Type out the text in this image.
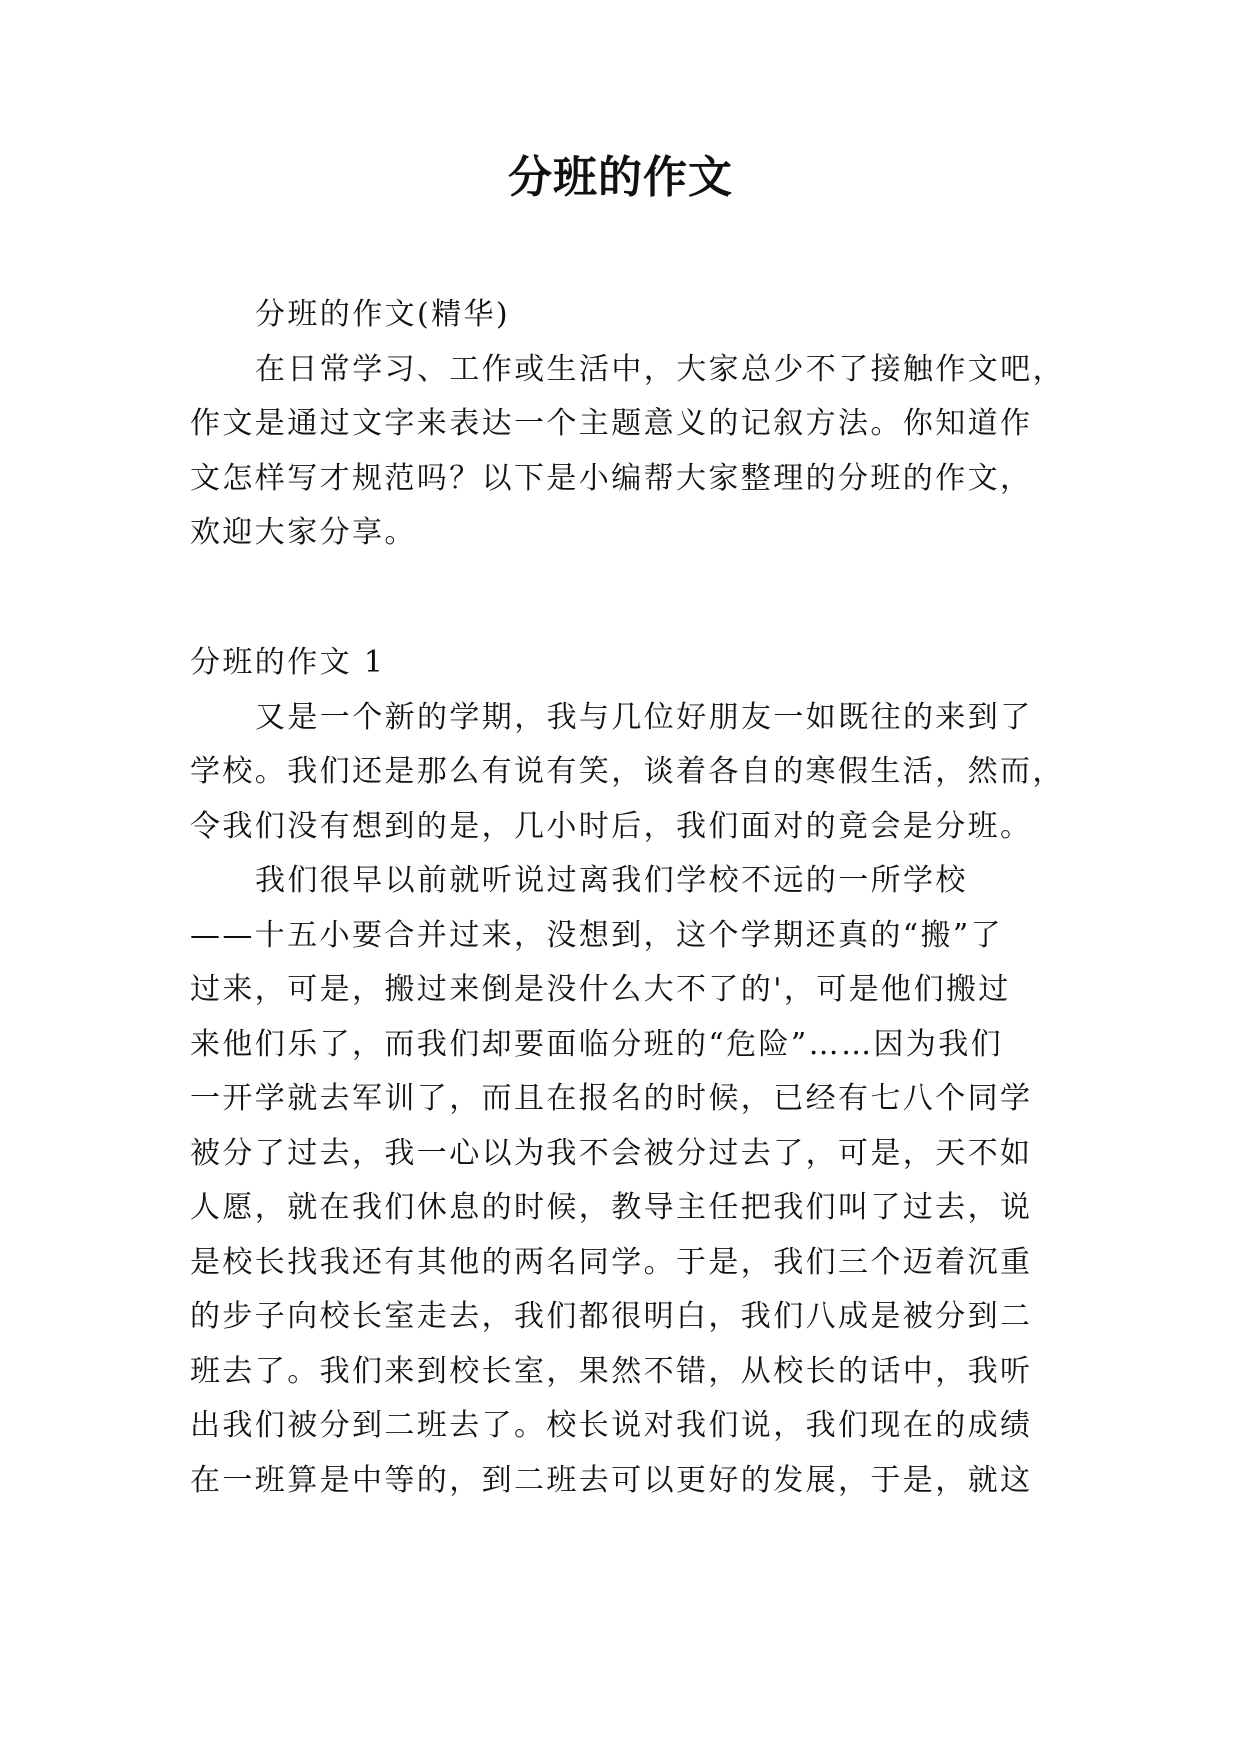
分班的作文
分班的作文(精华)
在日常学习、工作或生活中，大家总少不了接触作文吧，
作文是通过文字来表达一个主题意义的记叙方法。你知道作
文怎样写才规范吗？以下是小编帮大家整理的分班的作文，
欢迎大家分享。
分班的作文 1
又是一个新的学期，我与几位好朋友一如既往的来到了
学校。我们还是那么有说有笑，谈着各自的寒假生活，然而，
令我们没有想到的是，几小时后，我们面对的竟会是分班。
我们很早以前就听说过离我们学校不远的一所学校
——十五小要合并过来，没想到，这个学期还真的“搬”了
过来，可是，搬过来倒是没什么大不了的'，可是他们搬过
来他们乐了，而我们却要面临分班的“危险”……因为我们
一开学就去军训了，而且在报名的时候，已经有七八个同学
被分了过去，我一心以为我不会被分过去了，可是，天不如
人愿，就在我们休息的时候，教导主任把我们叫了过去，说
是校长找我还有其他的两名同学。于是，我们三个迈着沉重
的步子向校长室走去，我们都很明白，我们八成是被分到二
班去了。我们来到校长室，果然不错，从校长的话中，我听
出我们被分到二班去了。校长说对我们说，我们现在的成绩
在一班算是中等的，到二班去可以更好的发展，于是，就这
